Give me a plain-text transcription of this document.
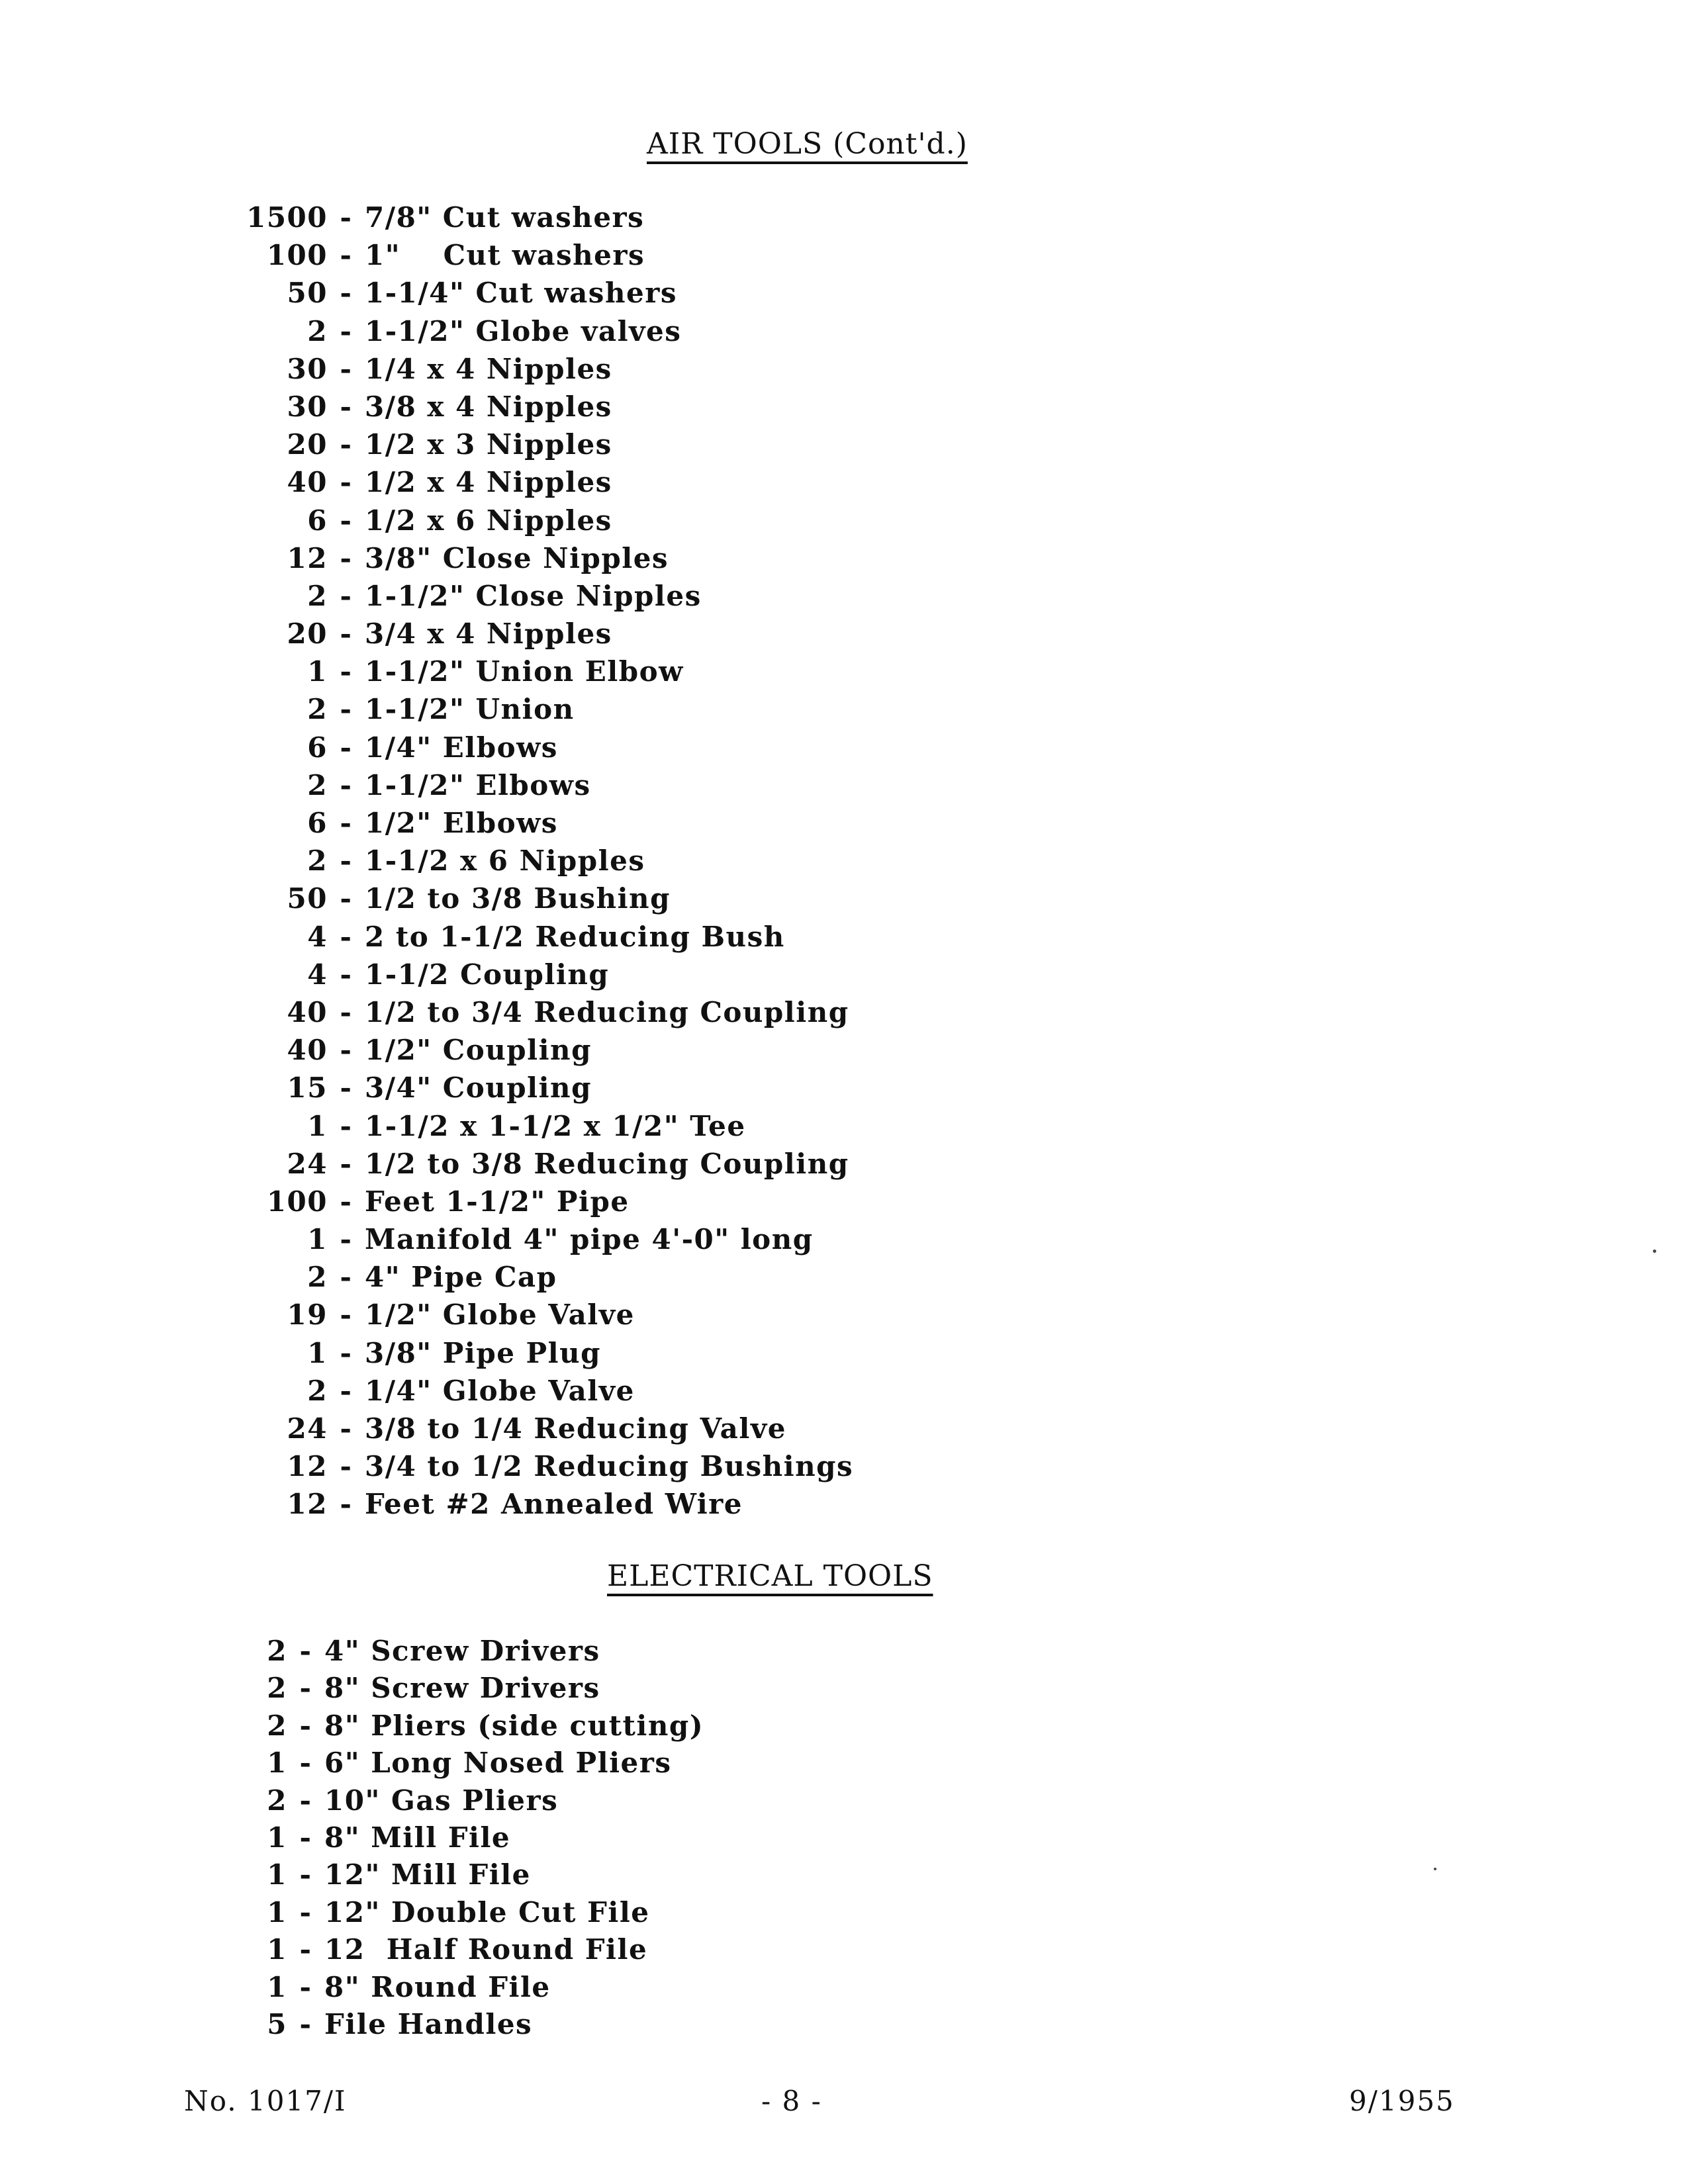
AIR TOOLS (Cont'd.)
1500 - 7/8" Cut washers
100 - 1"    Cut washers
50 - 1-1/4" Cut washers
2 - 1-1/2" Globe valves
30 - 1/4 x 4 Nipples
30 - 3/8 x 4 Nipples
20 - 1/2 x 3 Nipples
40 - 1/2 x 4 Nipples
6 - 1/2 x 6 Nipples
12 - 3/8" Close Nipples
2 - 1-1/2" Close Nipples
20 - 3/4 x 4 Nipples
1 - 1-1/2" Union Elbow
2 - 1-1/2" Union
6 - 1/4" Elbows
2 - 1-1/2" Elbows
6 - 1/2" Elbows
2 - 1-1/2 x 6 Nipples
50 - 1/2 to 3/8 Bushing
4 - 2 to 1-1/2 Reducing Bush
4 - 1-1/2 Coupling
40 - 1/2 to 3/4 Reducing Coupling
40 - 1/2" Coupling
15 - 3/4" Coupling
1 - 1-1/2 x 1-1/2 x 1/2" Tee
24 - 1/2 to 3/8 Reducing Coupling
100 - Feet 1-1/2" Pipe
1 - Manifold 4" pipe 4'-0" long
2 - 4" Pipe Cap
19 - 1/2" Globe Valve
1 - 3/8" Pipe Plug
2 - 1/4" Globe Valve
24 - 3/8 to 1/4 Reducing Valve
12 - 3/4 to 1/2 Reducing Bushings
12 - Feet #2 Annealed Wire
ELECTRICAL TOOLS
2 - 4" Screw Drivers
2 - 8" Screw Drivers
2 - 8" Pliers (side cutting)
1 - 6" Long Nosed Pliers
2 - 10" Gas Pliers
1 - 8" Mill File
1 - 12" Mill File
1 - 12" Double Cut File
1 - 12  Half Round File
1 - 8" Round File
5 - File Handles
No. 1017/I	- 8 -	9/1955
